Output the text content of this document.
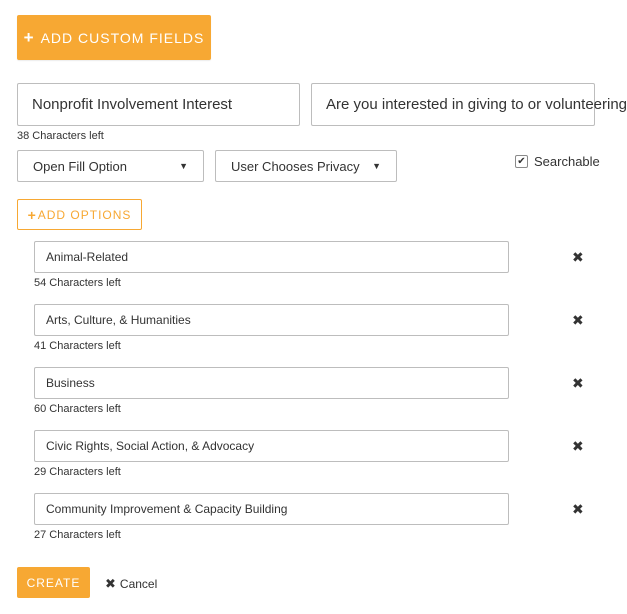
+ ADD CUSTOM FIELDS
Nonprofit Involvement Interest	Are you interested in giving to or volunteering
38 Characters left
Open Fill Option	▼	User Chooses Privacy ▼	✔ Searchable
+ ADD OPTIONS
Animal-Related	✖
54 Characters left
Arts, Culture, & Humanities	✖
41 Characters left
Business	✖
60 Characters left
Civic Rights, Social Action, & Advocacy	✖
29 Characters left
Community Improvement & Capacity Building	✖
27 Characters left
CREATE ✖ Cancel
